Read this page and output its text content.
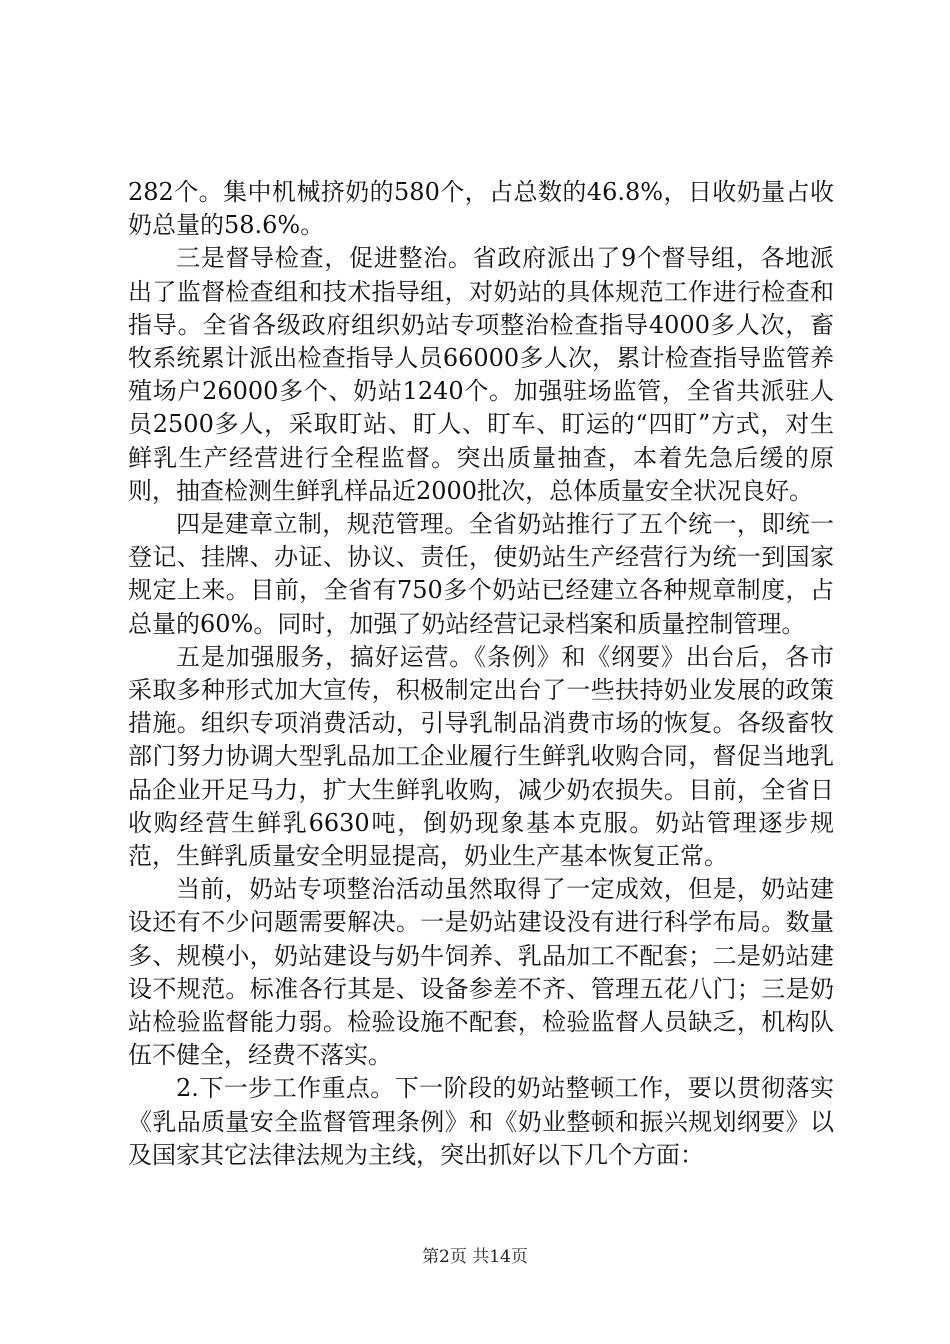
282个。集中机械挤奶的580个，占总数的46.8%，日收奶量占收奶总量的58.6%。

三是督导检查，促进整治。省政府派出了9个督导组，各地派出了监督检查组和技术指导组，对奶站的具体规范工作进行检查和指导。全省各级政府组织奶站专项整治检查指导4000多人次，畜牧系统累计派出检查指导人员66000多人次，累计检查指导监管养殖场户26000多个、奶站1240个。加强驻场监管，全省共派驻人员2500多人，采取盯站、盯人、盯车、盯运的“四盯”方式，对生鲜乳生产经营进行全程监督。突出质量抽查，本着先急后缓的原则，抽查检测生鲜乳样品近2000批次，总体质量安全状况良好。

四是建章立制，规范管理。全省奶站推行了五个统一，即统一登记、挂牌、办证、协议、责任，使奶站生产经营行为统一到国家规定上来。目前，全省有750多个奶站已经建立各种规章制度，占总量的60%。同时，加强了奶站经营记录档案和质量控制管理。

五是加强服务，搞好运营。《条例》和《纲要》出台后，各市采取多种形式加大宣传，积极制定出台了一些扶持奶业发展的政策措施。组织专项消费活动，引导乳制品消费市场的恢复。各级畜牧部门努力协调大型乳品加工企业履行生鲜乳收购合同，督促当地乳品企业开足马力，扩大生鲜乳收购，减少奶农损失。目前，全省日收购经营生鲜乳6630吨，倒奶现象基本克服。奶站管理逐步规范，生鲜乳质量安全明显提高，奶业生产基本恢复正常。

当前，奶站专项整治活动虽然取得了一定成效，但是，奶站建设还有不少问题需要解决。一是奶站建设没有进行科学布局。数量多、规模小，奶站建设与奶牛饲养、乳品加工不配套；二是奶站建设不规范。标准各行其是、设备参差不齐、管理五花八门；三是奶站检验监督能力弱。检验设施不配套，检验监督人员缺乏，机构队伍不健全，经费不落实。

2.下一步工作重点。下一阶段的奶站整顿工作，要以贯彻落实《乳品质量安全监督管理条例》和《奶业整顿和振兴规划纲要》以及国家其它法律法规为主线，突出抓好以下几个方面：

第2页 共14页
